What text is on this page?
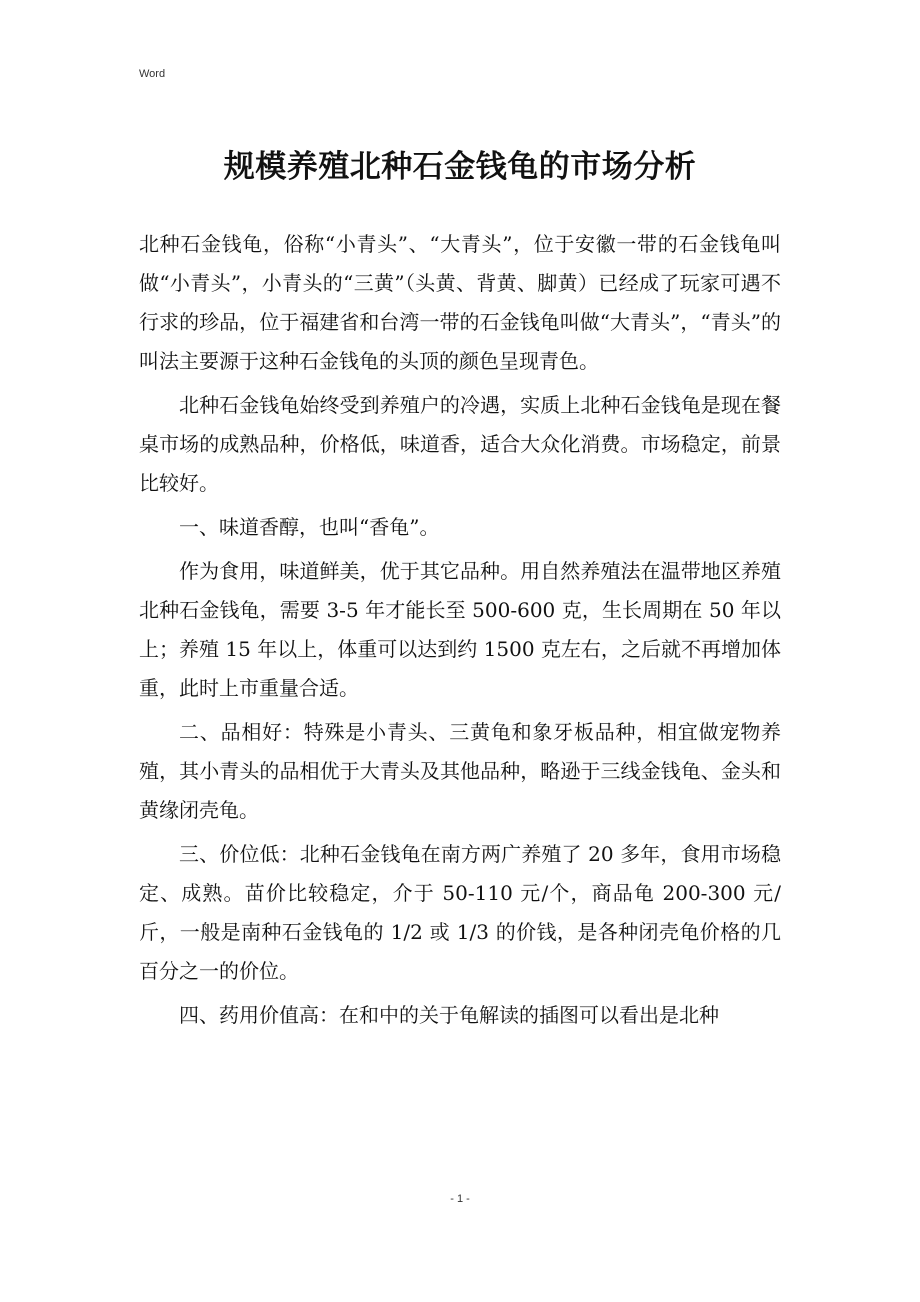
Word
规模养殖北种石金钱龟的市场分析

北种石金钱龟，俗称“小青头”、“大青头”，位于安徽一带的石金钱龟叫做“小青头”，小青头的“三黄”（头黄、背黄、脚黄）已经成了玩家可遇不行求的珍品，位于福建省和台湾一带的石金钱龟叫做“大青头”，“青头”的叫法主要源于这种石金钱龟的头顶的颜色呈现青色。

北种石金钱龟始终受到养殖户的冷遇，实质上北种石金钱龟是现在餐桌市场的成熟品种，价格低，味道香，适合大众化消费。市场稳定，前景比较好。

一、味道香醇，也叫“香龟”。

作为食用，味道鲜美，优于其它品种。用自然养殖法在温带地区养殖北种石金钱龟，需要 3-5 年才能长至 500-600 克，生长周期在 50 年以上；养殖 15 年以上，体重可以达到约 1500 克左右，之后就不再增加体重，此时上市重量合适。

二、品相好：特殊是小青头、三黄龟和象牙板品种，相宜做宠物养殖，其小青头的品相优于大青头及其他品种，略逊于三线金钱龟、金头和黄缘闭壳龟。

三、价位低：北种石金钱龟在南方两广养殖了 20 多年，食用市场稳定、成熟。苗价比较稳定，介于 50-110 元/个，商品龟 200-300 元/斤，一般是南种石金钱龟的 1/2 或 1/3 的价钱，是各种闭壳龟价格的几百分之一的价位。

四、药用价值高：在和中的关于龟解读的插图可以看出是北种

- 1 -
